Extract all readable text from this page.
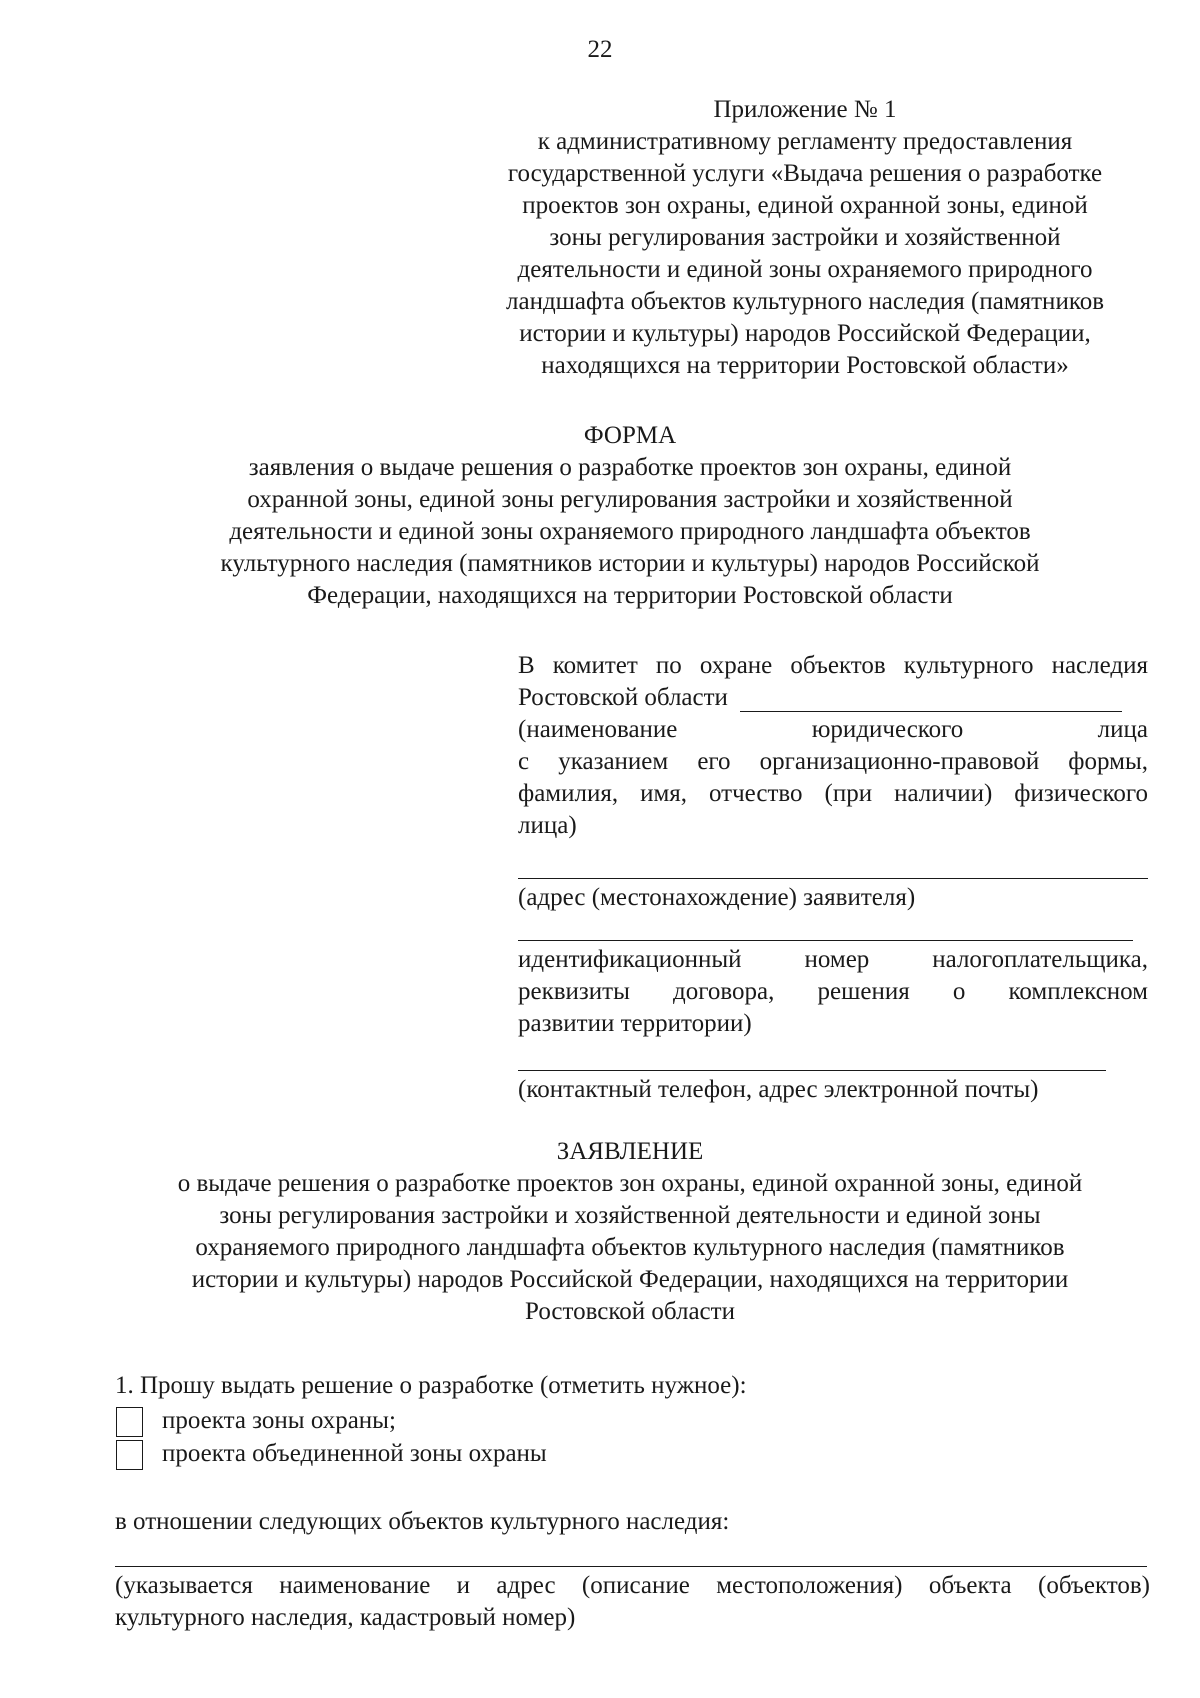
22
Приложение № 1
к административному регламенту предоставления
государственной услуги «Выдача решения о разработке
проектов зон охраны, единой охранной зоны, единой
зоны регулирования застройки и хозяйственной
деятельности и единой зоны охраняемого природного
ландшафта объектов культурного наследия (памятников
истории и культуры) народов Российской Федерации,
находящихся на территории Ростовской области»
ФОРМА
заявления о выдаче решения о разработке проектов зон охраны, единой
охранной зоны, единой зоны регулирования застройки и хозяйственной
деятельности и единой зоны охраняемого природного ландшафта объектов
культурного наследия (памятников истории и культуры) народов Российской
Федерации, находящихся на территории Ростовской области
В комитет по охране объектов культурного наследия
Ростовской области
(наименование юридического лица
с указанием его организационно-правовой формы,
фамилия, имя, отчество (при наличии) физического
лица)
(адрес (местонахождение) заявителя)
идентификационный номер налогоплательщика,
реквизиты договора, решения о комплексном
развитии территории)
(контактный телефон, адрес электронной почты)
ЗАЯВЛЕНИЕ
о выдаче решения о разработке проектов зон охраны, единой охранной зоны, единой
зоны регулирования застройки и хозяйственной деятельности и единой зоны
охраняемого природного ландшафта объектов культурного наследия (памятников
истории и культуры) народов Российской Федерации, находящихся на территории
Ростовской области
1. Прошу выдать решение о разработке (отметить нужное):
проекта зоны охраны;
проекта объединенной зоны охраны
в отношении следующих объектов культурного наследия:
(указывается наименование и адрес (описание местоположения) объекта (объектов)
культурного наследия, кадастровый номер)
